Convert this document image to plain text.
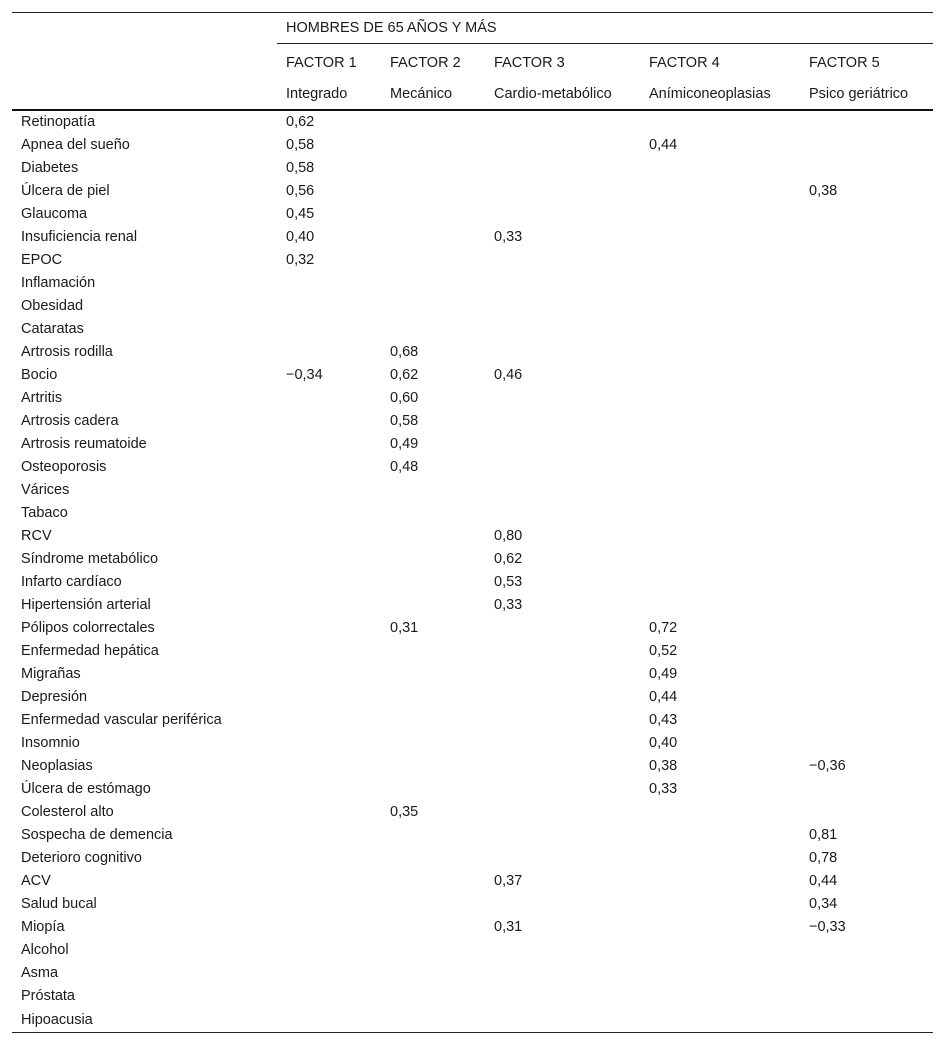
	HOMBRES DE 65 AÑOS Y MÁS				
	FACTOR 1	FACTOR 2	FACTOR 3	FACTOR 4	FACTOR 5
	Integrado	Mecánico	Cardio-metabólico	Anímiconeoplasias	Psico geriátrico
Retinopatía	0,62				
Apnea del sueño	0,58			0,44	
Diabetes	0,58				
Úlcera de piel	0,56				0,38
Glaucoma	0,45				
Insuficiencia renal	0,40		0,33		
EPOC	0,32				
Inflamación					
Obesidad					
Cataratas					
Artrosis rodilla		0,68			
Bocio	−0,34	0,62	0,46		
Artritis		0,60			
Artrosis cadera		0,58			
Artrosis reumatoide		0,49			
Osteoporosis		0,48			
Várices					
Tabaco					
RCV			0,80		
Síndrome metabólico			0,62		
Infarto cardíaco			0,53		
Hipertensión arterial			0,33		
Pólipos colorrectales		0,31		0,72	
Enfermedad hepática				0,52	
Migrañas				0,49	
Depresión				0,44	
Enfermedad vascular periférica				0,43	
Insomnio				0,40	
Neoplasias				0,38	−0,36
Úlcera de estómago				0,33	
Colesterol alto		0,35			
Sospecha de demencia					0,81
Deterioro cognitivo					0,78
ACV			0,37		0,44
Salud bucal					0,34
Miopía			0,31		−0,33
Alcohol					
Asma					
Próstata					
Hipoacusia					
